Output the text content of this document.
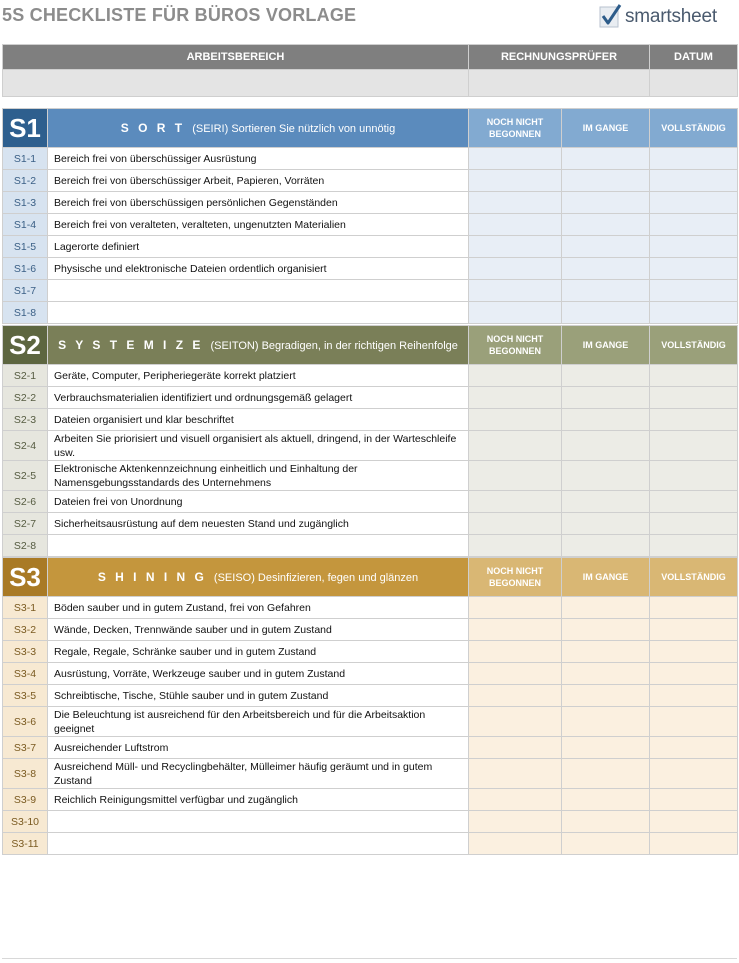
5S CHECKLISTE FÜR BÜROS VORLAGE	smartsheet
ARBEITSBEREICH	RECHNUNGSPRÜFER	DATUM

S1	S O R T (SEIRI) Sortieren Sie nützlich von unnötig	NOCH NICHT BEGONNEN	IM GANGE	VOLLSTÄNDIG
S1-1	Bereich frei von überschüssiger Ausrüstung			
S1-2	Bereich frei von überschüssiger Arbeit, Papieren, Vorräten			
S1-3	Bereich frei von überschüssigen persönlichen Gegenständen			
S1-4	Bereich frei von veralteten, veralteten, ungenutzten Materialien			
S1-5	Lagerorte definiert			
S1-6	Physische und elektronische Dateien ordentlich organisiert			
S1-7				
S1-8				
S2	S Y S T E M I Z E (SEITON) Begradigen, in der richtigen Reihenfolge	NOCH NICHT BEGONNEN	IM GANGE	VOLLSTÄNDIG
S2-1	Geräte, Computer, Peripheriegeräte korrekt platziert			
S2-2	Verbrauchsmaterialien identifiziert und ordnungsgemäß gelagert			
S2-3	Dateien organisiert und klar beschriftet			
S2-4	Arbeiten Sie priorisiert und visuell organisiert als aktuell, dringend, in der Warteschleife usw.			
S2-5	Elektronische Aktenkennzeichnung einheitlich und Einhaltung der Namensgebungsstandards des Unternehmens			
S2-6	Dateien frei von Unordnung			
S2-7	Sicherheitsausrüstung auf dem neuesten Stand und zugänglich			
S2-8				
S3	S H I N I N G (SEISO) Desinfizieren, fegen und glänzen	NOCH NICHT BEGONNEN	IM GANGE	VOLLSTÄNDIG
S3-1	Böden sauber und in gutem Zustand, frei von Gefahren			
S3-2	Wände, Decken, Trennwände sauber und in gutem Zustand			
S3-3	Regale, Regale, Schränke sauber und in gutem Zustand			
S3-4	Ausrüstung, Vorräte, Werkzeuge sauber und in gutem Zustand			
S3-5	Schreibtische, Tische, Stühle sauber und in gutem Zustand			
S3-6	Die Beleuchtung ist ausreichend für den Arbeitsbereich und für die Arbeitsaktion geeignet			
S3-7	Ausreichender Luftstrom			
S3-8	Ausreichend Müll- und Recyclingbehälter, Mülleimer häufig geräumt und in gutem Zustand			
S3-9	Reichlich Reinigungsmittel verfügbar und zugänglich			
S3-10				
S3-11				
